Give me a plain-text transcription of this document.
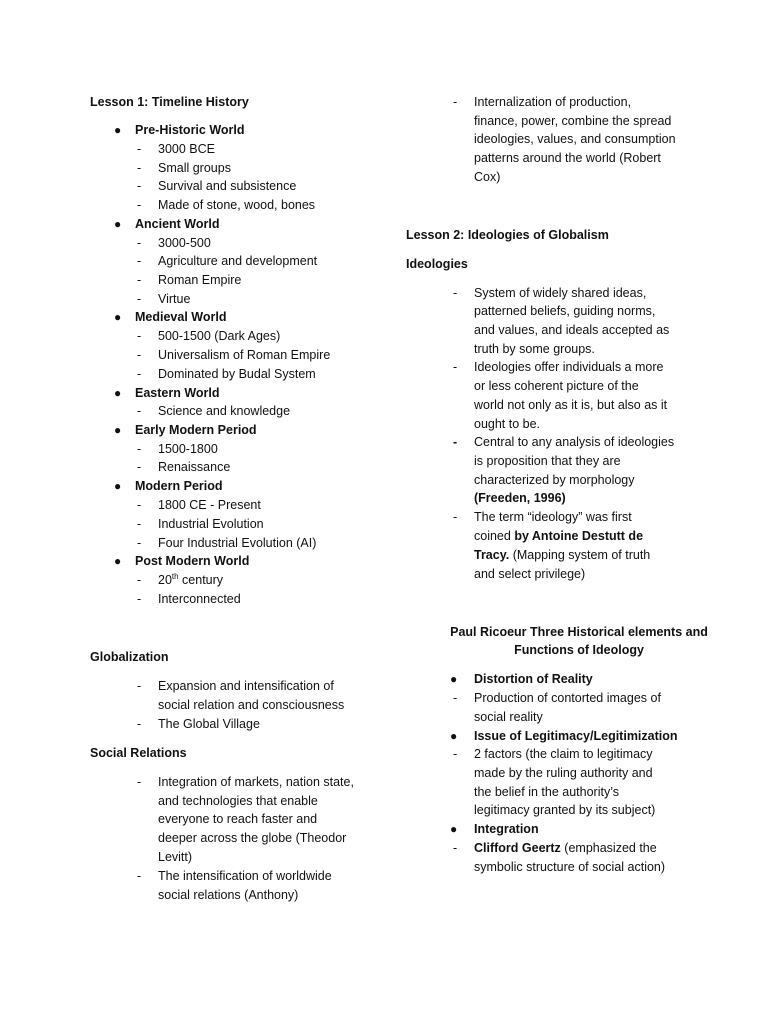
Lesson 1: Timeline History
● Pre-Historic World
- 3000 BCE
- Small groups
- Survival and subsistence
- Made of stone, wood, bones
● Ancient World
- 3000-500
- Agriculture and development
- Roman Empire
- Virtue
● Medieval World
- 500-1500 (Dark Ages)
- Universalism of Roman Empire
- Dominated by Budal System
● Eastern World
- Science and knowledge
● Early Modern Period
- 1500-1800
- Renaissance
● Modern Period
- 1800 CE - Present
- Industrial Evolution
- Four Industrial Evolution (AI)
● Post Modern World
- 20th century
- Interconnected
Globalization
- Expansion and intensification of
social relation and consciousness
- The Global Village
Social Relations
- Integration of markets, nation state,
and technologies that enable
everyone to reach faster and
deeper across the globe (Theodor
Levitt)
- The intensification of worldwide
social relations (Anthony)
- Internalization of production,
finance, power, combine the spread
ideologies, values, and consumption
patterns around the world (Robert
Cox)
Lesson 2: Ideologies of Globalism
Ideologies
- System of widely shared ideas,
patterned beliefs, guiding norms,
and values, and ideals accepted as
truth by some groups.
- Ideologies offer individuals a more
or less coherent picture of the
world not only as it is, but also as it
ought to be.
- Central to any analysis of ideologies
is proposition that they are
characterized by morphology
(Freeden, 1996)
- The term “ideology” was first
coined by Antoine Destutt de
Tracy. (Mapping system of truth
and select privilege)
Paul Ricoeur Three Historical elements and
Functions of Ideology
● Distortion of Reality
- Production of contorted images of
social reality
● Issue of Legitimacy/Legitimization
- 2 factors (the claim to legitimacy
made by the ruling authority and
the belief in the authority’s
legitimacy granted by its subject)
● Integration
- Clifford Geertz (emphasized the
symbolic structure of social action)
